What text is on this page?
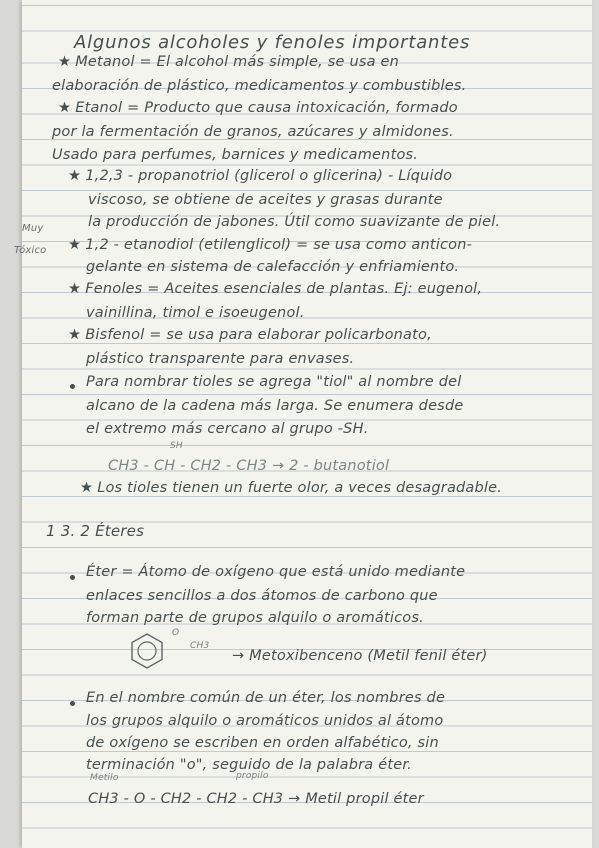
Algunos alcoholes y fenoles importantes
★ Metanol = El alcohol más simple, se usa en
elaboración de plástico, medicamentos y combustibles.
★ Etanol = Producto que causa intoxicación, formado
por la fermentación de granos, azúcares y almidones.
Usado para perfumes, barnices y medicamentos.
★ 1,2,3 - propanotriol (glicerol o glicerina) - Líquido
viscoso, se obtiene de aceites y grasas durante
la producción de jabones. Útil como suavizante de piel.
Muy
Tóxico ★ 1,2 - etanodiol (etilenglicol) = se usa como anticon-
gelante en sistema de calefacción y enfriamiento.
★ Fenoles = Aceites esenciales de plantas. Ej: eugenol,
vainillina, timol e isoeugenol.
★ Bisfenol = se usa para elaborar policarbonato,
plástico transparente para envases.
Para nombrar tioles se agrega "tiol" al nombre del
alcano de la cadena más larga. Se enumera desde
el extremo más cercano al grupo -SH.
SH
CH3 - CH - CH2 - CH3 → 2 - butanotiol
★ Los tioles tienen un fuerte olor, a veces desagradable.
1 3. 2 Éteres
Éter = Átomo de oxígeno que está unido mediante
enlaces sencillos a dos átomos de carbono que
forman parte de grupos alquilo o aromáticos.
O
CH3
→ Metoxibenceno (Metil fenil éter)
En el nombre común de un éter, los nombres de
los grupos alquilo o aromáticos unidos al átomo
de oxígeno se escriben en orden alfabético, sin
terminación "o", seguido de la palabra éter.
Metilo	propilo
CH3 - O - CH2 - CH2 - CH3 → Metil propil éter
